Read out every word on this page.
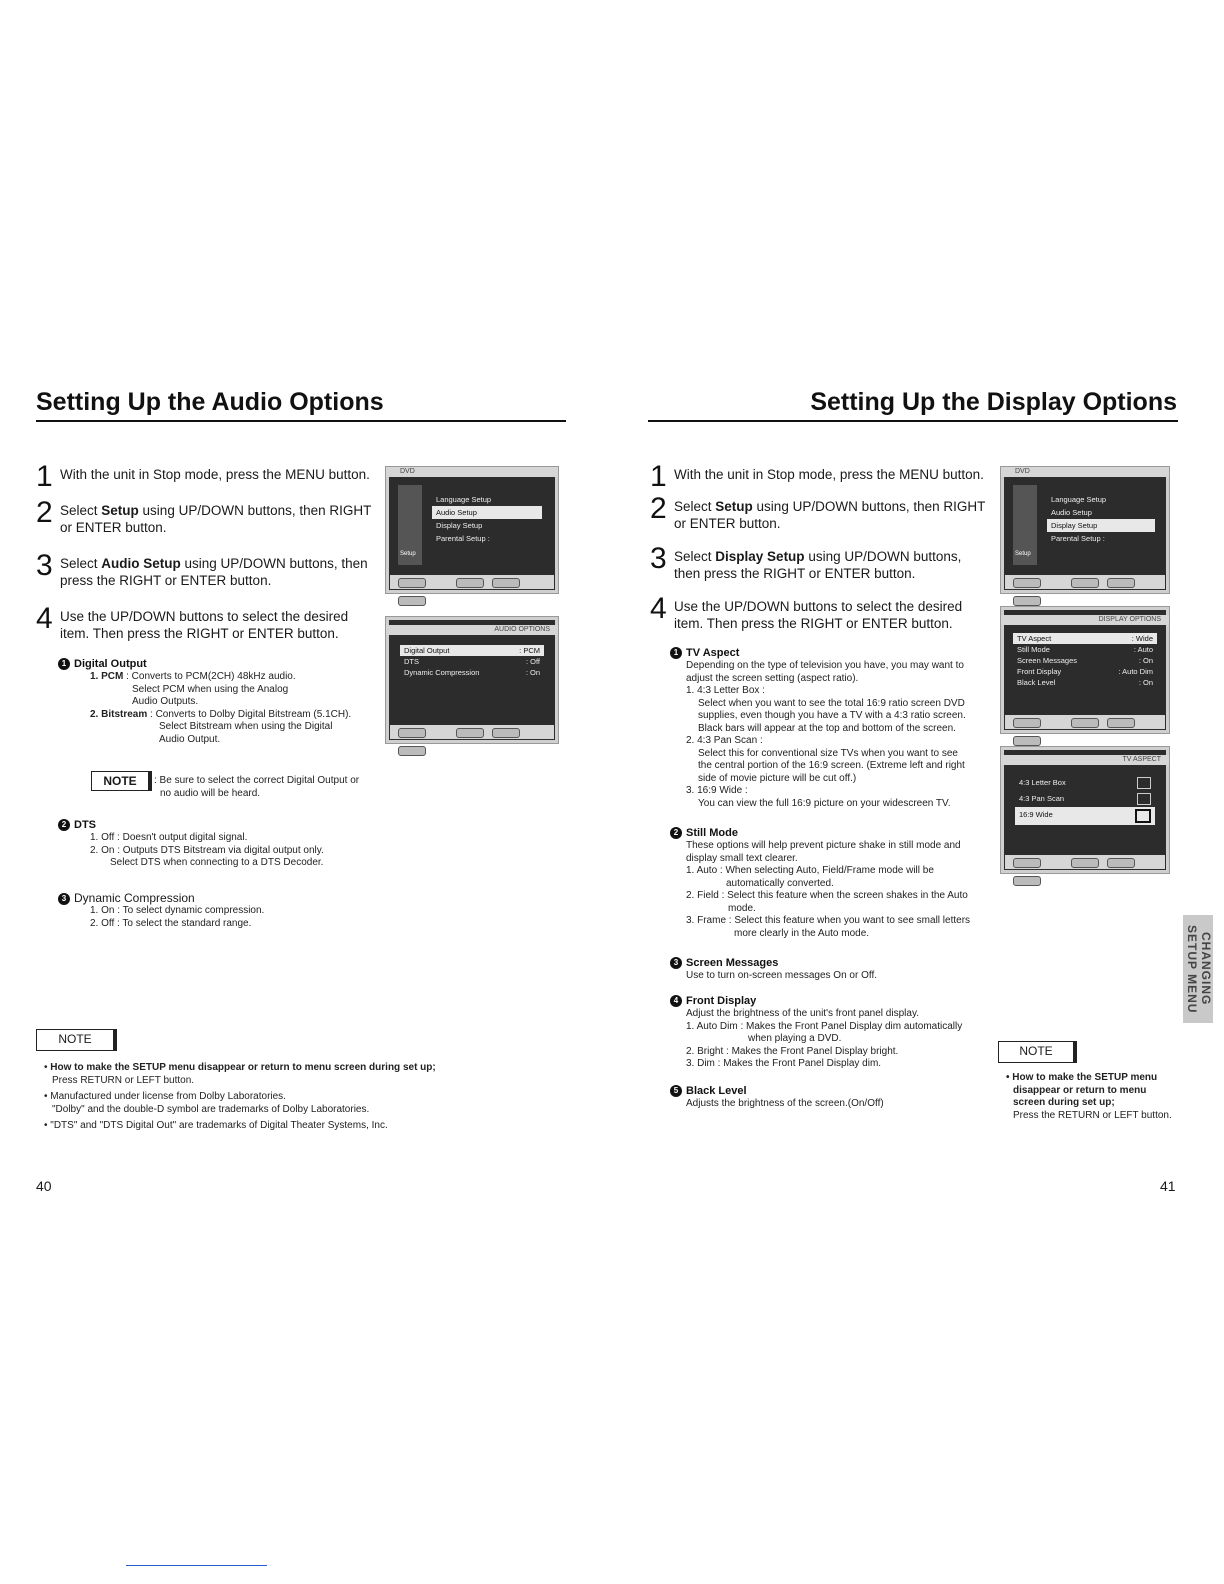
Setting Up the Audio Options
1 With the unit in Stop mode, press the MENU button.
2 Select Setup using UP/DOWN buttons, then RIGHT
or ENTER button.
3 Select Audio Setup using UP/DOWN buttons, then
press the RIGHT or ENTER button.
4 Use the UP/DOWN buttons to select the desired
item. Then press the RIGHT or ENTER button.
1 Digital Output
1. PCM : Converts to PCM(2CH) 48kHz audio.
Select PCM when using the Analog
Audio Outputs.
2. Bitstream : Converts to Dolby Digital Bitstream (5.1CH).
Select Bitstream when using the Digital
Audio Output.
NOTE	: Be sure to select the correct Digital Output or
no audio will be heard.
2 DTS
1. Off : Doesn't output digital signal.
2. On : Outputs DTS Bitstream via digital output only.
Select DTS when connecting to a DTS Decoder.
3 Dynamic Compression
1. On : To select dynamic compression.
2. Off : To select the standard range.
NOTE
• How to make the SETUP menu disappear or return to menu screen during set up;
Press RETURN or LEFT button.
• Manufactured under license from Dolby Laboratories.
"Dolby" and the double-D symbol are trademarks of Dolby Laboratories.
• "DTS" and "DTS Digital Out" are trademarks of Digital Theater Systems, Inc.
DVD
Setup
Language Setup
Audio Setup
Display Setup
Parental Setup :
AUDIO OPTIONS
Digital Output	: PCM
DTS	: Off
Dynamic Compression	: On
40
Setting Up the Display Options
1 With the unit in Stop mode, press the MENU button.
2 Select Setup using UP/DOWN buttons, then RIGHT
or ENTER button.
3 Select Display Setup using UP/DOWN buttons,
then press the RIGHT or ENTER button.
4 Use the UP/DOWN buttons to select the desired
item. Then press the RIGHT or ENTER button.
1 TV Aspect
Depending on the type of television you have, you may want to
adjust the screen setting (aspect ratio).
1. 4:3 Letter Box :
Select when you want to see the total 16:9 ratio screen DVD
supplies, even though you have a TV with a 4:3 ratio screen.
Black bars will appear at the top and bottom of the screen.
2. 4:3 Pan Scan :
Select this for conventional size TVs when you want to see
the central portion of the 16:9 screen. (Extreme left and right
side of movie picture will be cut off.)
3. 16:9 Wide :
You can view the full 16:9 picture on your widescreen TV.
2 Still Mode
These options will help prevent picture shake in still mode and
display small text clearer.
1. Auto : When selecting Auto, Field/Frame mode will be
automatically converted.
2. Field : Select this feature when the screen shakes in the Auto
mode.
3. Frame : Select this feature when you want to see small letters
more clearly in the Auto mode.
3 Screen Messages
Use to turn on-screen messages On or Off.
4 Front Display
Adjust the brightness of the unit's front panel display.
1. Auto Dim : Makes the Front Panel Display dim automatically
when playing a DVD.
2. Bright : Makes the Front Panel Display bright.
3. Dim : Makes the Front Panel Display dim.
5 Black Level
Adjusts the brightness of the screen.(On/Off)
NOTE
• How to make the SETUP menu
disappear or return to menu
screen during set up;
Press the RETURN or LEFT button.
CHANGING SETUP MENU
DVD
Setup
Language Setup
Audio Setup
Display Setup
Parental Setup :
DISPLAY OPTIONS
TV Aspect	: Wide
Still Mode	: Auto
Screen Messages	: On
Front Display	: Auto Dim
Black Level	: On
TV ASPECT
4:3 Letter Box
4:3 Pan Scan
16:9 Wide
41
